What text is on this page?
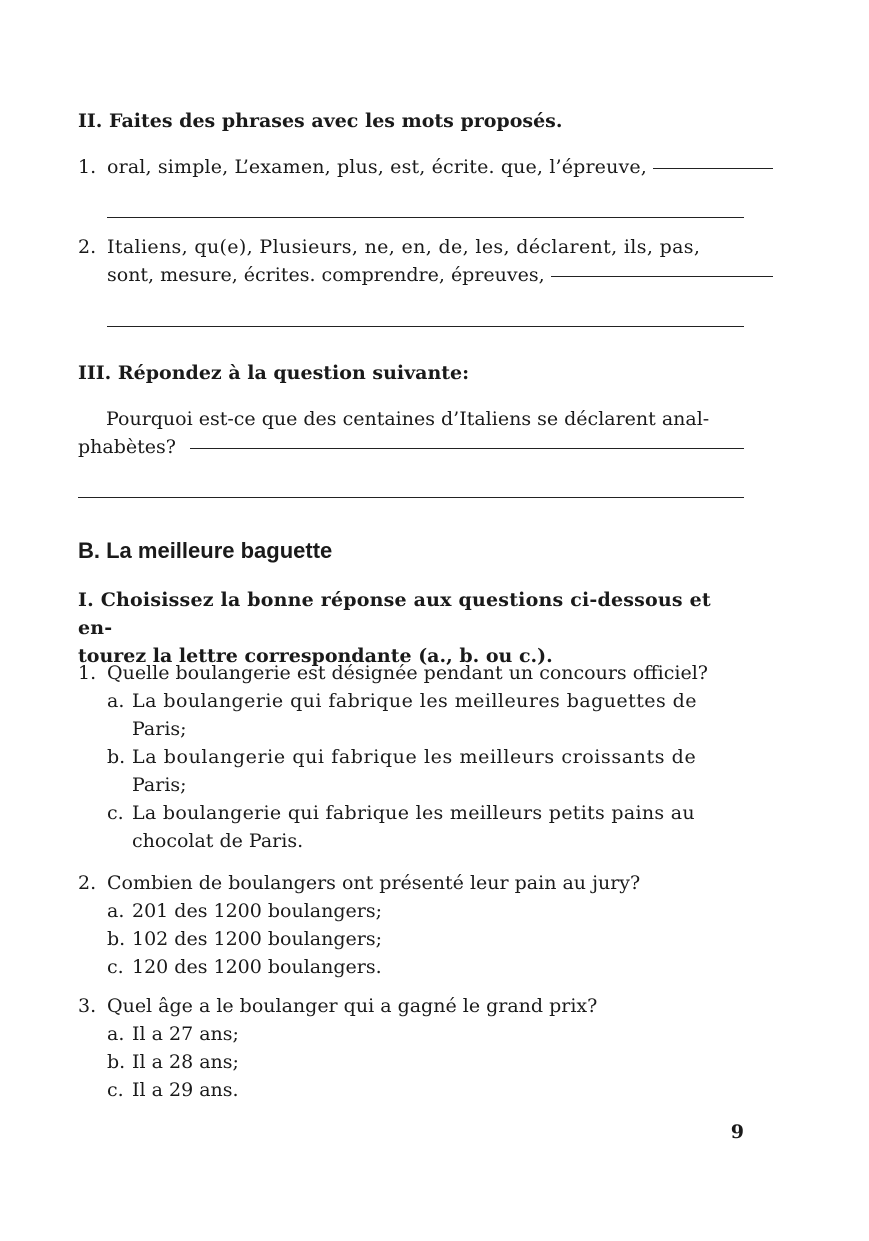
II. Faites des phrases avec les mots proposés.

1. oral, simple, L’examen, plus, est, écrite. que, l’épreuve,
2. Italiens, qu(e), Plusieurs, ne, en, de, les, déclarent, ils, pas,
sont, mesure, écrites. comprendre, épreuves,

III. Répondez à la question suivante:

Pourquoi est-ce que des centaines d’Italiens se déclarent anal-
phabètes?
B. La meilleure baguette
I. Choisissez la bonne réponse aux questions ci-dessous et en-
tourez la lettre correspondante (a., b. ou c.).
1. Quelle boulangerie est désignée pendant un concours officiel?
a. La boulangerie qui fabrique les meilleures baguettes de
Paris;
b. La boulangerie qui fabrique les meilleurs croissants de
Paris;
c. La boulangerie qui fabrique les meilleurs petits pains au
chocolat de Paris.
2. Combien de boulangers ont présenté leur pain au jury?
a. 201 des 1200 boulangers;
b. 102 des 1200 boulangers;
c. 120 des 1200 boulangers.
3. Quel âge a le boulanger qui a gagné le grand prix?
a. Il a 27 ans;
b. Il a 28 ans;
c. Il a 29 ans.
9
